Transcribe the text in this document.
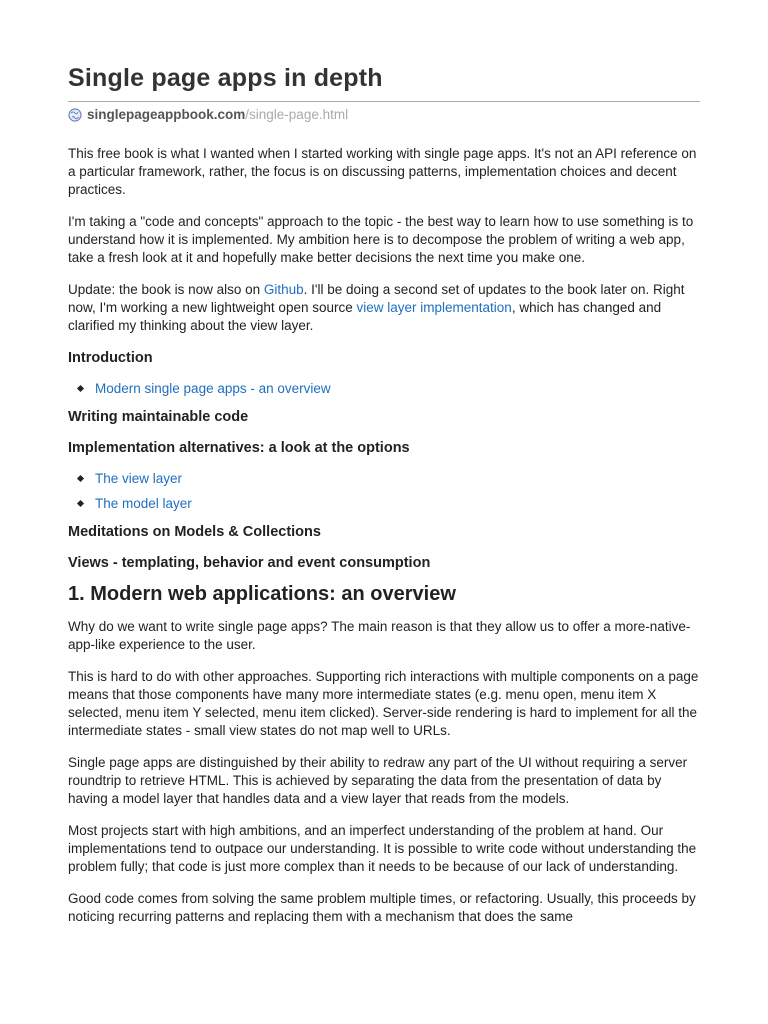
Single page apps in depth
singlepageappbook.com /single-page.html

This free book is what I wanted when I started working with single page apps. It's not an API reference on a particular framework, rather, the focus is on discussing patterns, implementation choices and decent practices.

I'm taking a "code and concepts" approach to the topic - the best way to learn how to use something is to understand how it is implemented. My ambition here is to decompose the problem of writing a web app, take a fresh look at it and hopefully make better decisions the next time you make one.

Update: the book is now also on Github. I'll be doing a second set of updates to the book later on. Right now, I'm working a new lightweight open source view layer implementation, which has changed and clarified my thinking about the view layer.

Introduction
Modern single page apps - an overview
Writing maintainable code
Implementation alternatives: a look at the options
The view layer
The model layer
Meditations on Models & Collections
Views - templating, behavior and event consumption
1. Modern web applications: an overview

Why do we want to write single page apps? The main reason is that they allow us to offer a more-native-app-like experience to the user.

This is hard to do with other approaches. Supporting rich interactions with multiple components on a page means that those components have many more intermediate states (e.g. menu open, menu item X selected, menu item Y selected, menu item clicked). Server-side rendering is hard to implement for all the intermediate states - small view states do not map well to URLs.

Single page apps are distinguished by their ability to redraw any part of the UI without requiring a server roundtrip to retrieve HTML. This is achieved by separating the data from the presentation of data by having a model layer that handles data and a view layer that reads from the models.

Most projects start with high ambitions, and an imperfect understanding of the problem at hand. Our implementations tend to outpace our understanding. It is possible to write code without understanding the problem fully; that code is just more complex than it needs to be because of our lack of understanding.

Good code comes from solving the same problem multiple times, or refactoring. Usually, this proceeds by noticing recurring patterns and replacing them with a mechanism that does the same
